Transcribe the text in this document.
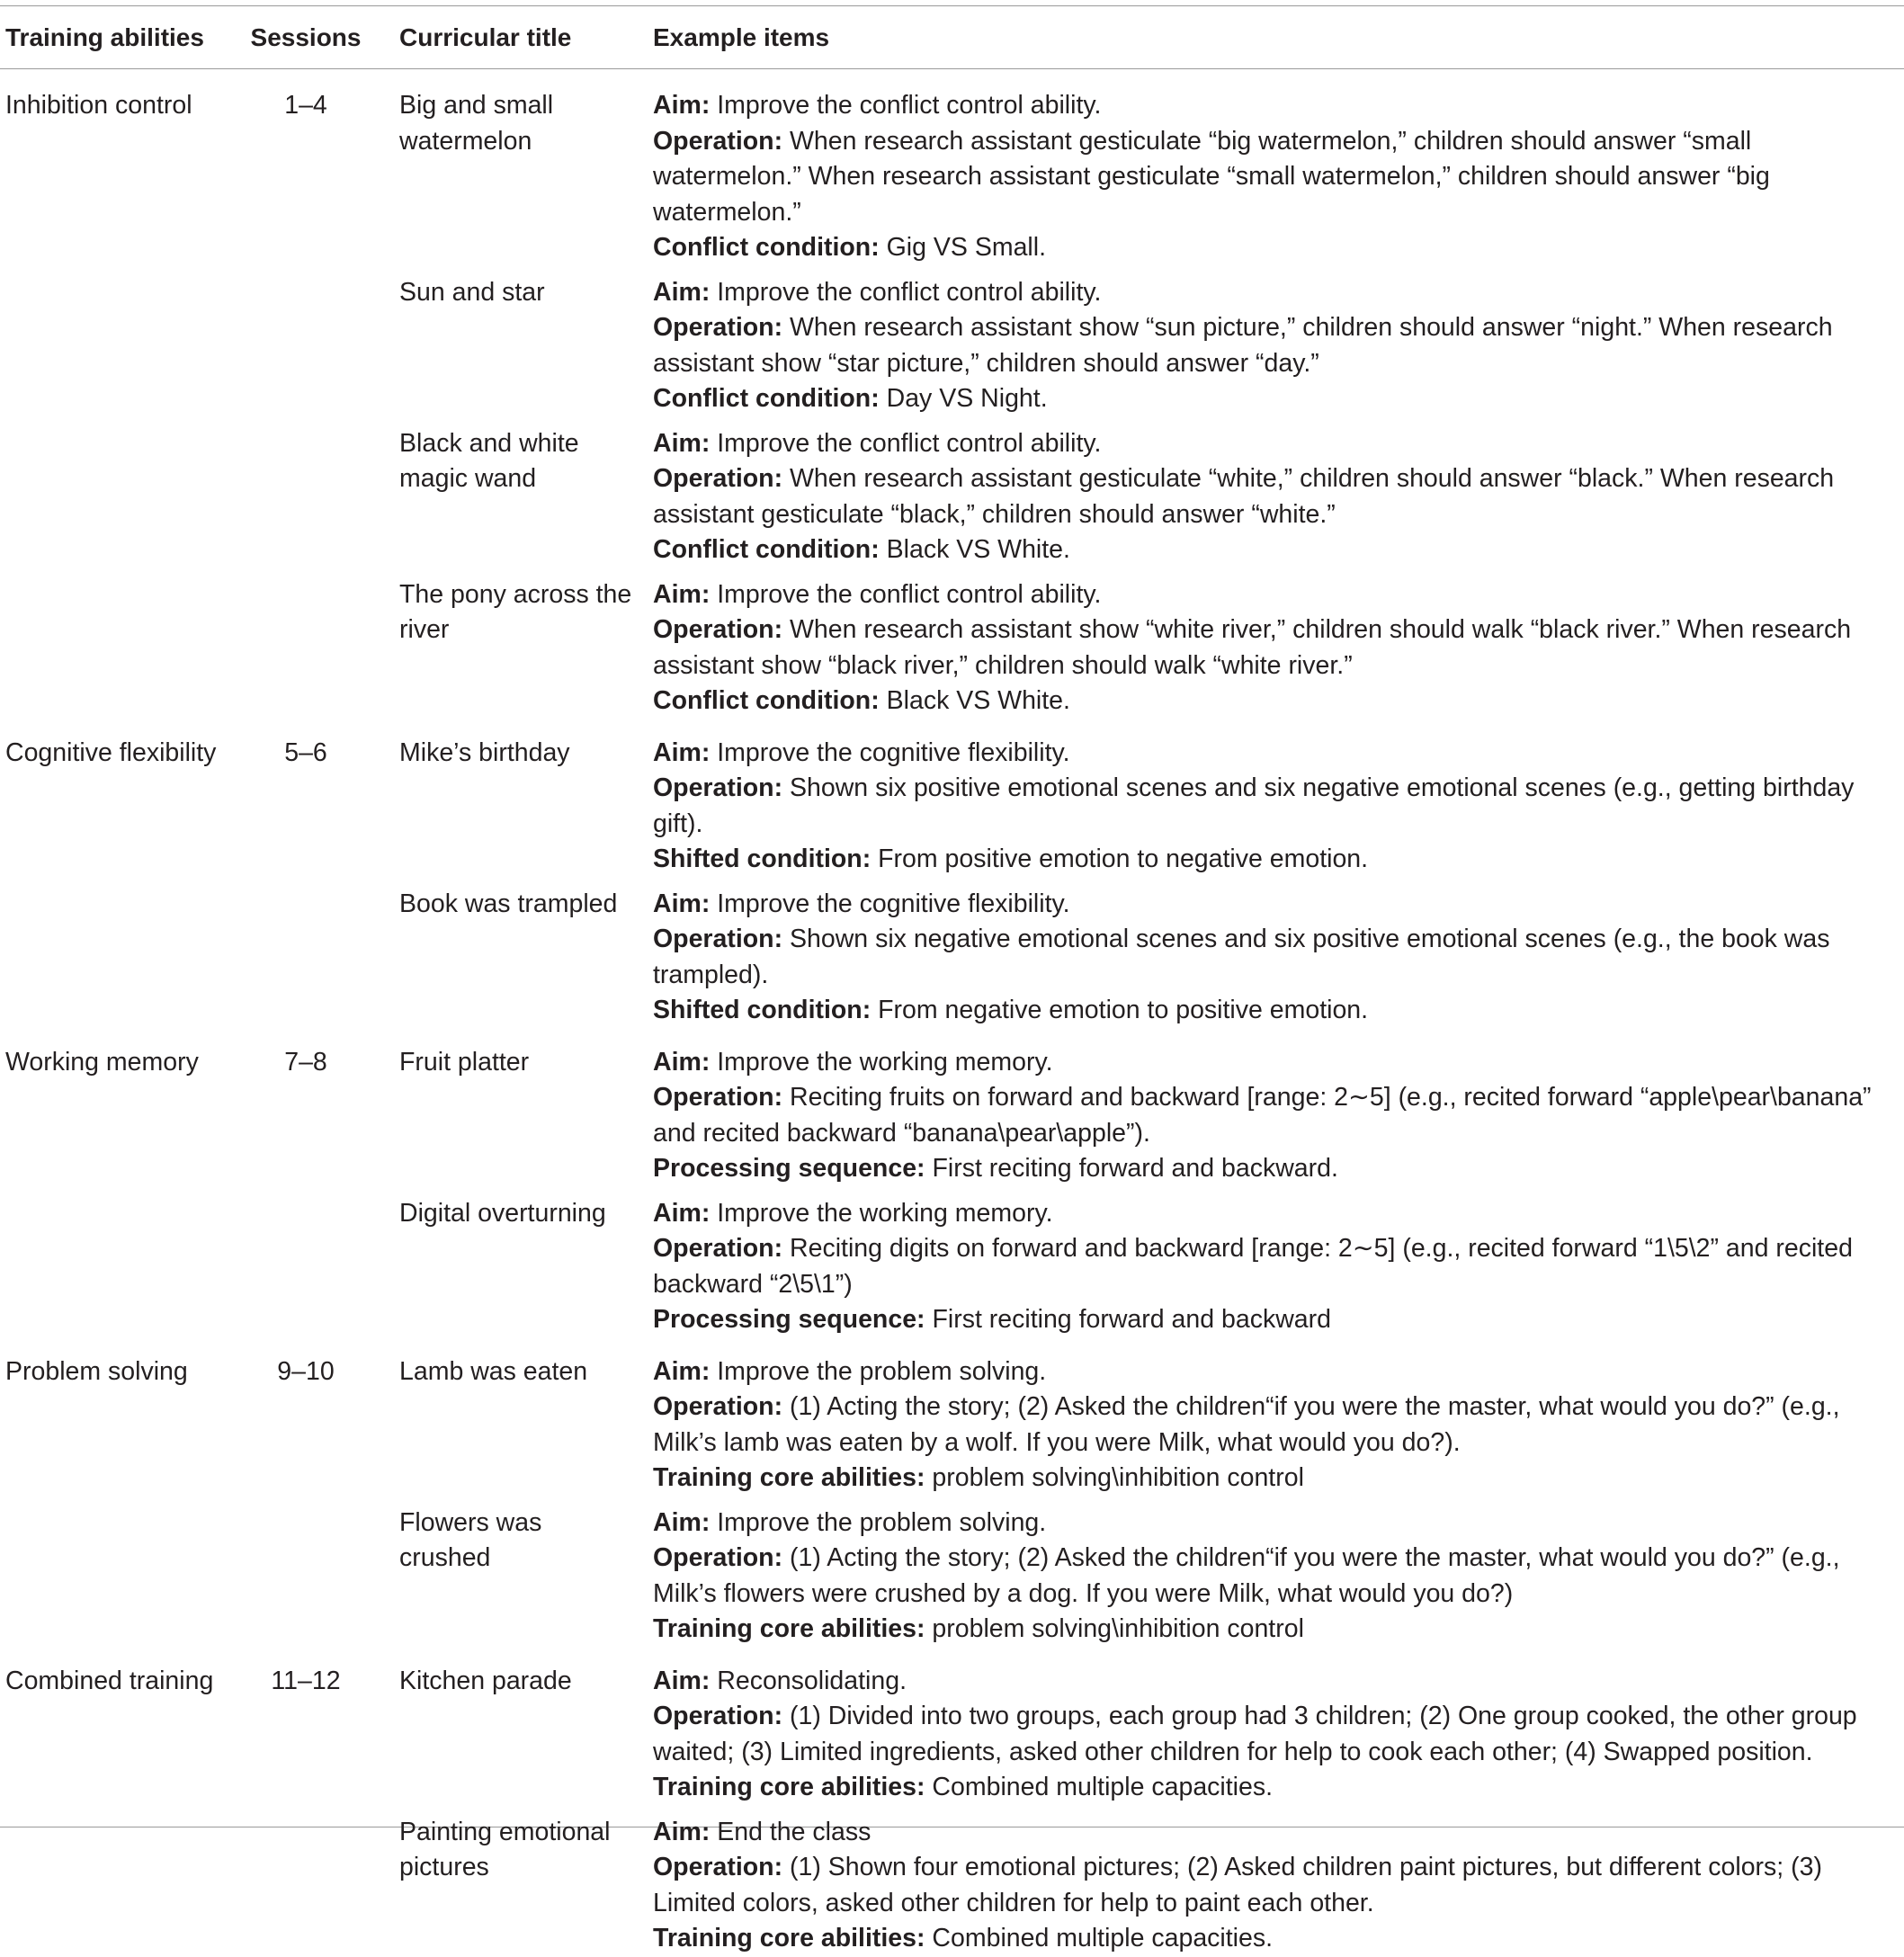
Training abilities	Sessions	Curricular title	Example items
Inhibition control	1–4	Big and small watermelon	Aim: Improve the conflict control ability.
Operation: When research assistant gesticulate “big watermelon,” children should answer “small watermelon.” When research assistant gesticulate “small watermelon,” children should answer “big watermelon.”
Conflict condition: Gig VS Small.

		Sun and star	Aim: Improve the conflict control ability.
Operation: When research assistant show “sun picture,” children should answer “night.” When research assistant show “star picture,” children should answer “day.”
Conflict condition: Day VS Night.

		Black and white magic wand	Aim: Improve the conflict control ability.
Operation: When research assistant gesticulate “white,” children should answer “black.” When research assistant gesticulate “black,” children should answer “white.”
Conflict condition: Black VS White.

		The pony across the river	Aim: Improve the conflict control ability.
Operation: When research assistant show “white river,” children should walk “black river.” When research assistant show “black river,” children should walk “white river.”
Conflict condition: Black VS White.

Cognitive flexibility	5–6	Mike’s birthday	Aim: Improve the cognitive flexibility.
Operation: Shown six positive emotional scenes and six negative emotional scenes (e.g., getting birthday gift).
Shifted condition: From positive emotion to negative emotion.

		Book was trampled	Aim: Improve the cognitive flexibility.
Operation: Shown six negative emotional scenes and six positive emotional scenes (e.g., the book was trampled).
Shifted condition: From negative emotion to positive emotion.

Working memory	7–8	Fruit platter	Aim: Improve the working memory.
Operation: Reciting fruits on forward and backward [range: 2∼5] (e.g., recited forward “apple\pear\banana” and recited backward “banana\pear\apple”).
Processing sequence: First reciting forward and backward.

		Digital overturning	Aim: Improve the working memory.
Operation: Reciting digits on forward and backward [range: 2∼5] (e.g., recited forward “1\5\2” and recited backward “2\5\1”)
Processing sequence: First reciting forward and backward

Problem solving	9–10	Lamb was eaten	Aim: Improve the problem solving.
Operation: (1) Acting the story; (2) Asked the children“if you were the master, what would you do?” (e.g., Milk’s lamb was eaten by a wolf. If you were Milk, what would you do?).
Training core abilities: problem solving\inhibition control

		Flowers was crushed	Aim: Improve the problem solving.
Operation: (1) Acting the story; (2) Asked the children“if you were the master, what would you do?” (e.g., Milk’s flowers were crushed by a dog. If you were Milk, what would you do?)
Training core abilities: problem solving\inhibition control

Combined training	11–12	Kitchen parade	Aim: Reconsolidating.
Operation: (1) Divided into two groups, each group had 3 children; (2) One group cooked, the other group waited; (3) Limited ingredients, asked other children for help to cook each other; (4) Swapped position.
Training core abilities: Combined multiple capacities.

		Painting emotional pictures	Aim: End the class
Operation: (1) Shown four emotional pictures; (2) Asked children paint pictures, but different colors; (3) Limited colors, asked other children for help to paint each other.
Training core abilities: Combined multiple capacities.
